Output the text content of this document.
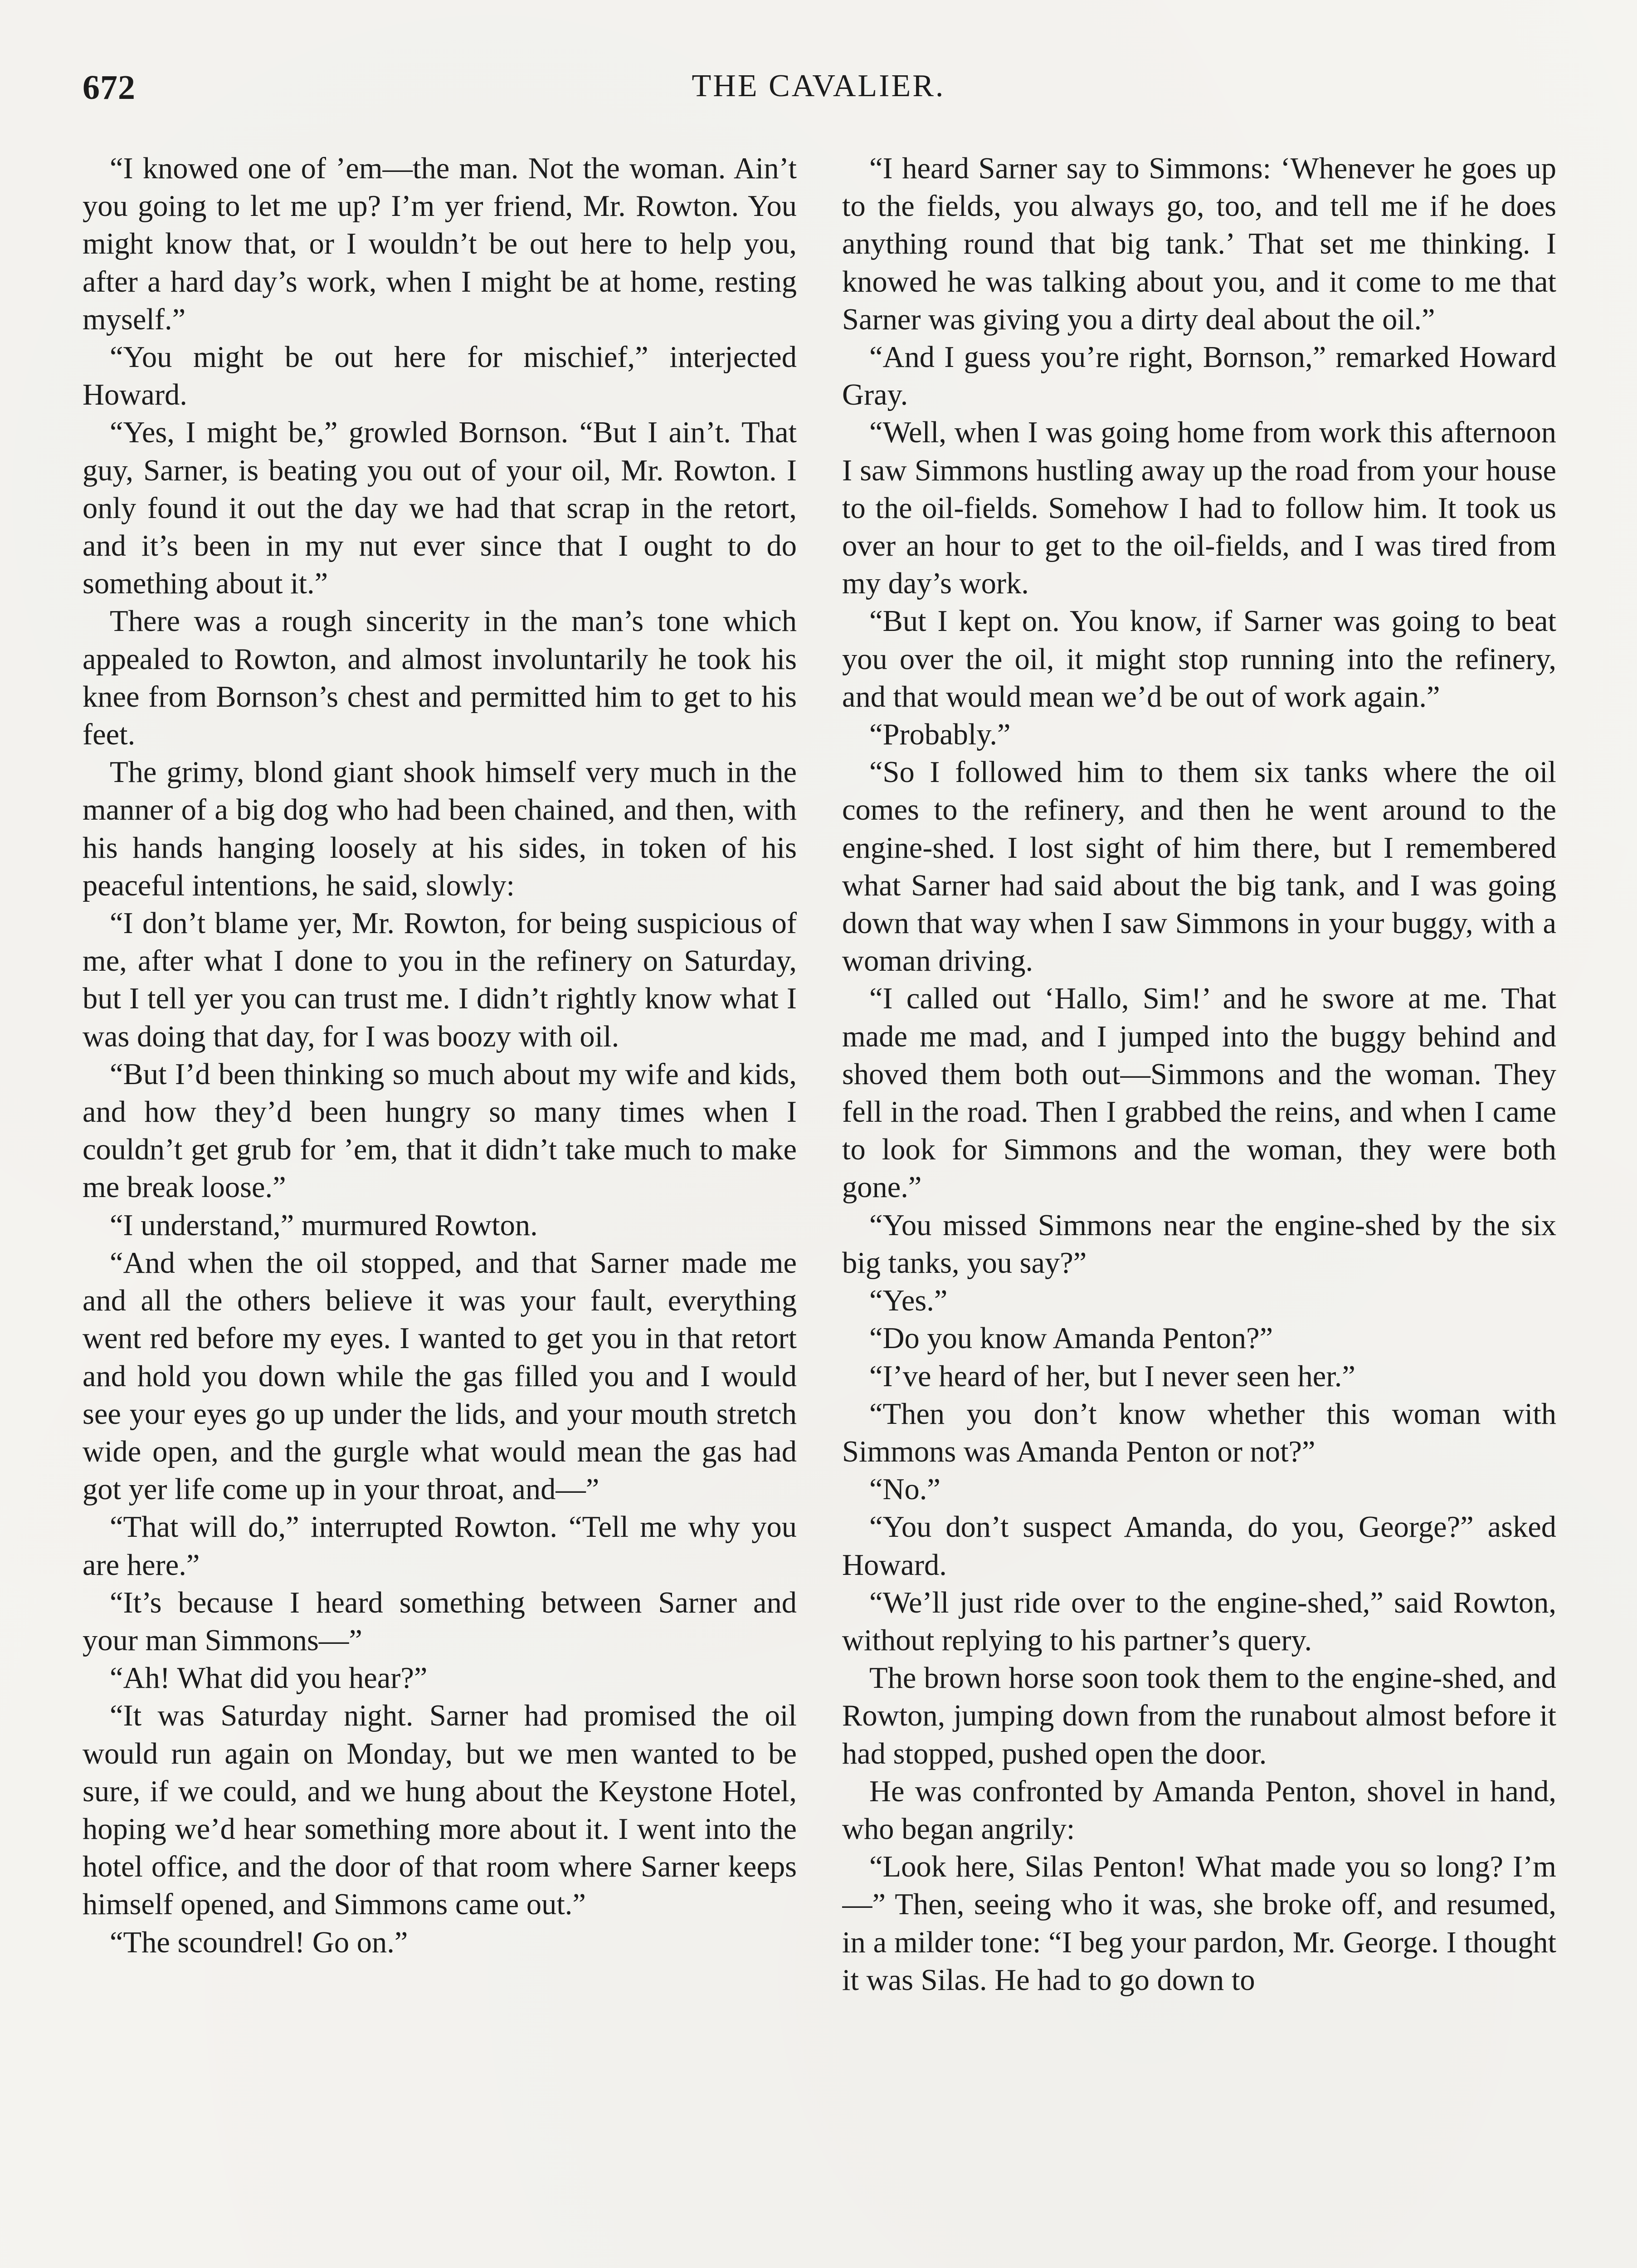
672	THE CAVALIER.

“I knowed one of ’em—the man. Not the woman. Ain’t you going to let me up? I’m yer friend, Mr. Rowton. You might know that, or I wouldn’t be out here to help you, after a hard day’s work, when I might be at home, resting myself.”

“You might be out here for mischief,” interjected Howard.

“Yes, I might be,” growled Bornson. “But I ain’t. That guy, Sarner, is beating you out of your oil, Mr. Rowton. I only found it out the day we had that scrap in the retort, and it’s been in my nut ever since that I ought to do something about it.”

There was a rough sincerity in the man’s tone which appealed to Rowton, and almost involuntarily he took his knee from Bornson’s chest and permitted him to get to his feet.

The grimy, blond giant shook himself very much in the manner of a big dog who had been chained, and then, with his hands hanging loosely at his sides, in token of his peaceful intentions, he said, slowly:

“I don’t blame yer, Mr. Rowton, for being suspicious of me, after what I done to you in the refinery on Saturday, but I tell yer you can trust me. I didn’t rightly know what I was doing that day, for I was boozy with oil.

“But I’d been thinking so much about my wife and kids, and how they’d been hungry so many times when I couldn’t get grub for ’em, that it didn’t take much to make me break loose.”

“I understand,” murmured Rowton.

“And when the oil stopped, and that Sarner made me and all the others believe it was your fault, everything went red before my eyes. I wanted to get you in that retort and hold you down while the gas filled you and I would see your eyes go up under the lids, and your mouth stretch wide open, and the gurgle what would mean the gas had got yer life come up in your throat, and—”

“That will do,” interrupted Rowton. “Tell me why you are here.”

“It’s because I heard something between Sarner and your man Simmons—”

“Ah! What did you hear?”

“It was Saturday night. Sarner had promised the oil would run again on Monday, but we men wanted to be sure, if we could, and we hung about the Keystone Hotel, hoping we’d hear something more about it. I went into the hotel office, and the door of that room where Sarner keeps himself opened, and Simmons came out.”

“The scoundrel! Go on.”

“I heard Sarner say to Simmons: ‘Whenever he goes up to the fields, you always go, too, and tell me if he does anything round that big tank.’ That set me thinking. I knowed he was talking about you, and it come to me that Sarner was giving you a dirty deal about the oil.”

“And I guess you’re right, Bornson,” remarked Howard Gray.

“Well, when I was going home from work this afternoon I saw Simmons hustling away up the road from your house to the oil-fields. Somehow I had to follow him. It took us over an hour to get to the oil-fields, and I was tired from my day’s work.

“But I kept on. You know, if Sarner was going to beat you over the oil, it might stop running into the refinery, and that would mean we’d be out of work again.”

“Probably.”

“So I followed him to them six tanks where the oil comes to the refinery, and then he went around to the engine-shed. I lost sight of him there, but I remembered what Sarner had said about the big tank, and I was going down that way when I saw Simmons in your buggy, with a woman driving.

“I called out ‘Hallo, Sim!’ and he swore at me. That made me mad, and I jumped into the buggy behind and shoved them both out—Simmons and the woman. They fell in the road. Then I grabbed the reins, and when I came to look for Simmons and the woman, they were both gone.”

“You missed Simmons near the engine-shed by the six big tanks, you say?”

“Yes.”

“Do you know Amanda Penton?”

“I’ve heard of her, but I never seen her.”

“Then you don’t know whether this woman with Simmons was Amanda Penton or not?”

“No.”

“You don’t suspect Amanda, do you, George?” asked Howard.

“We’ll just ride over to the engine-shed,” said Rowton, without replying to his partner’s query.

The brown horse soon took them to the engine-shed, and Rowton, jumping down from the runabout almost before it had stopped, pushed open the door.

He was confronted by Amanda Penton, shovel in hand, who began angrily:

“Look here, Silas Penton! What made you so long? I’m—” Then, seeing who it was, she broke off, and resumed, in a milder tone: “I beg your pardon, Mr. George. I thought it was Silas. He had to go down to
